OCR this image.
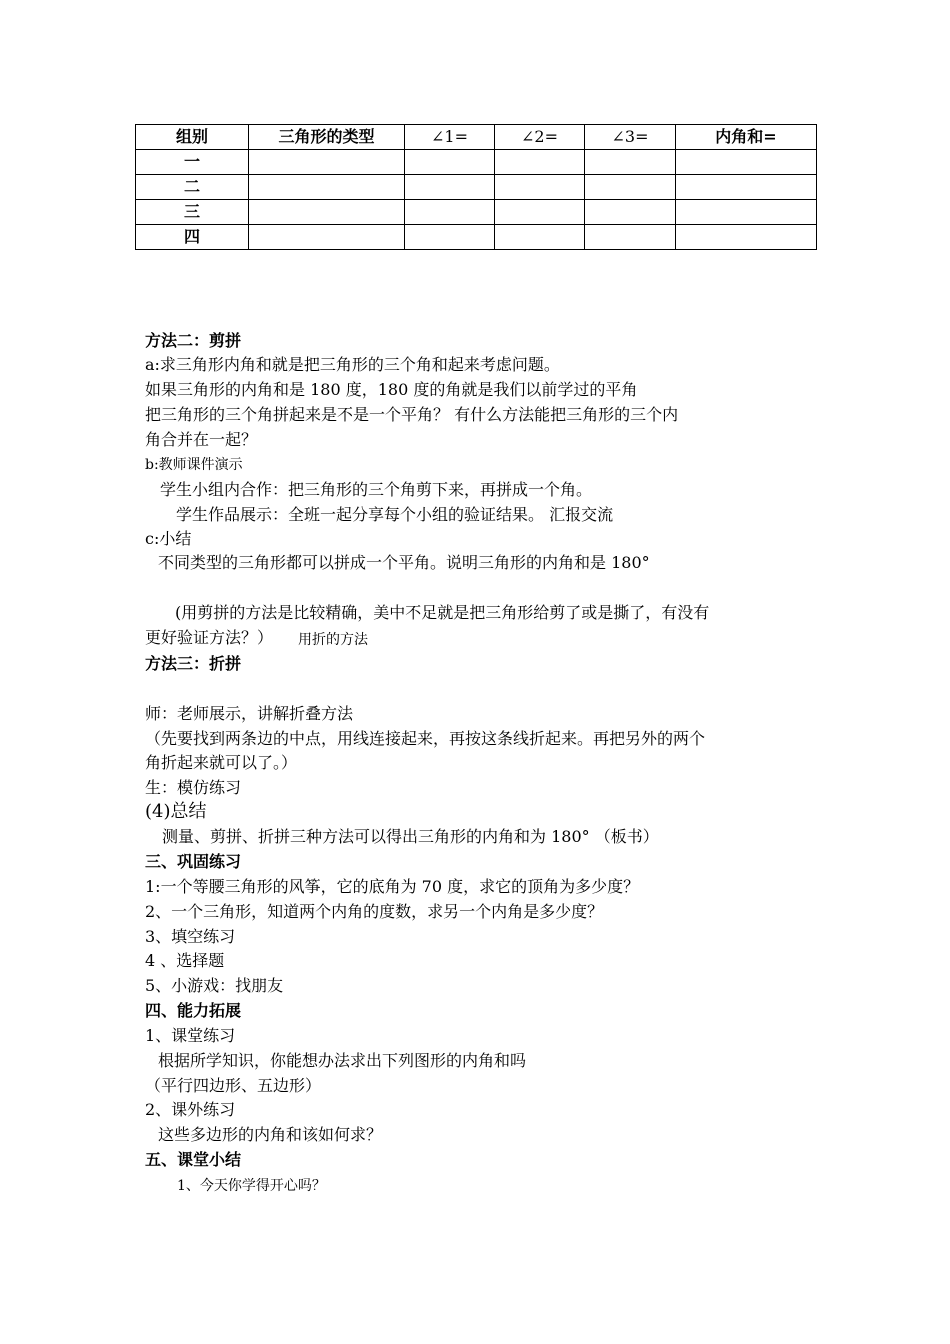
组别	三角形的类型	∠1=	∠2=	∠3=	内角和=
一					
二					
三					
四					
方法二：剪拼
a:求三角形内角和就是把三角形的三个角和起来考虑问题。
如果三角形的内角和是 180 度，180 度的角就是我们以前学过的平角
把三角形的三个角拼起来是不是一个平角？ 有什么方法能把三角形的三个内
角合并在一起？
b:教师课件演示
学生小组内合作：把三角形的三个角剪下来，再拼成一个角。
学生作品展示：全班一起分享每个小组的验证结果。 汇报交流
c:小结
不同类型的三角形都可以拼成一个平角。说明三角形的内角和是 180°
(用剪拼的方法是比较精确，美中不足就是把三角形给剪了或是撕了，有没有
更好验证方法？） 用折的方法
方法三：折拼
师：老师展示，讲解折叠方法
（先要找到两条边的中点，用线连接起来，再按这条线折起来。再把另外的两个
角折起来就可以了。）
生：模仿练习
(4)总结
测量、剪拼、折拼三种方法可以得出三角形的内角和为 180° （板书）
三、巩固练习
1:一个等腰三角形的风筝，它的底角为 70 度，求它的顶角为多少度？
2、一个三角形，知道两个内角的度数，求另一个内角是多少度？
3、填空练习
4 、选择题
5、小游戏：找朋友
四、能力拓展
1、课堂练习
根据所学知识，你能想办法求出下列图形的内角和吗
（平行四边形、五边形）
2、课外练习
这些多边形的内角和该如何求？
五、课堂小结
1、今天你学得开心吗？
